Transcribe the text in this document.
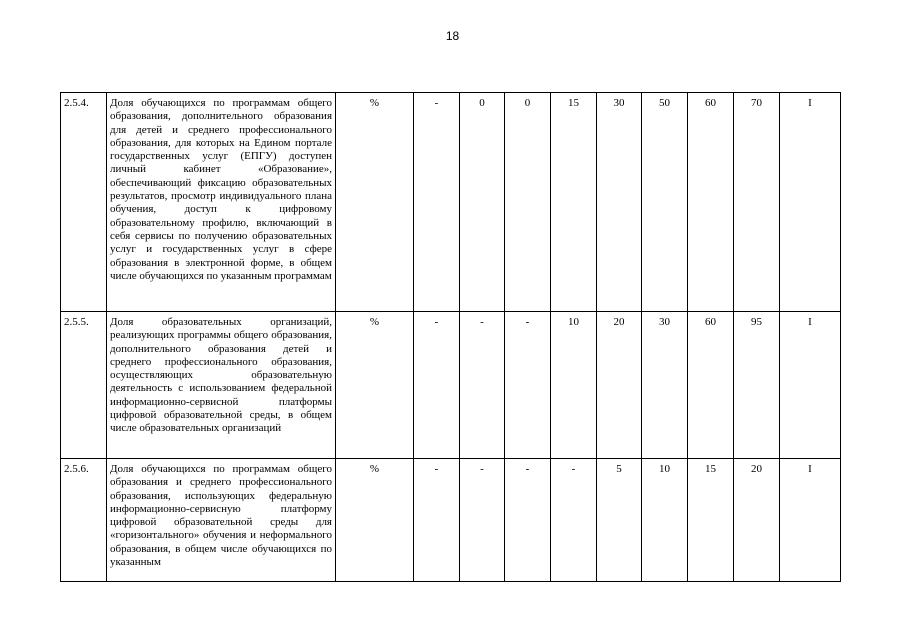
18
2.5.4.	Доля обучающихся по программам общего образования, дополнительного образования для детей и среднего профессионального образования, для которых на Едином портале государственных услуг (ЕПГУ) доступен личный кабинет «Образование», обеспечивающий фиксацию образовательных результатов, просмотр индивидуального плана обучения, доступ к цифровому образовательному профилю, включающий в себя сервисы по получению образовательных услуг и государственных услуг в сфере образования в электронной форме, в общем числе обучающихся по указанным программам	%	-	0	0	15	30	50	60	70	I
2.5.5.	Доля образовательных организаций, реализующих программы общего образования, дополнительного образования детей и среднего профессионального образования, осуществляющих образовательную деятельность с использованием федеральной информационно-сервисной платформы цифровой образовательной среды, в общем числе образовательных организаций	%	-	-	-	10	20	30	60	95	I
2.5.6.	Доля обучающихся по программам общего образования и среднего профессионального образования, использующих федеральную информационно-сервисную платформу цифровой образовательной среды для «горизонтального» обучения и неформального образования, в общем числе обучающихся по указанным	%	-	-	-	-	5	10	15	20	I
